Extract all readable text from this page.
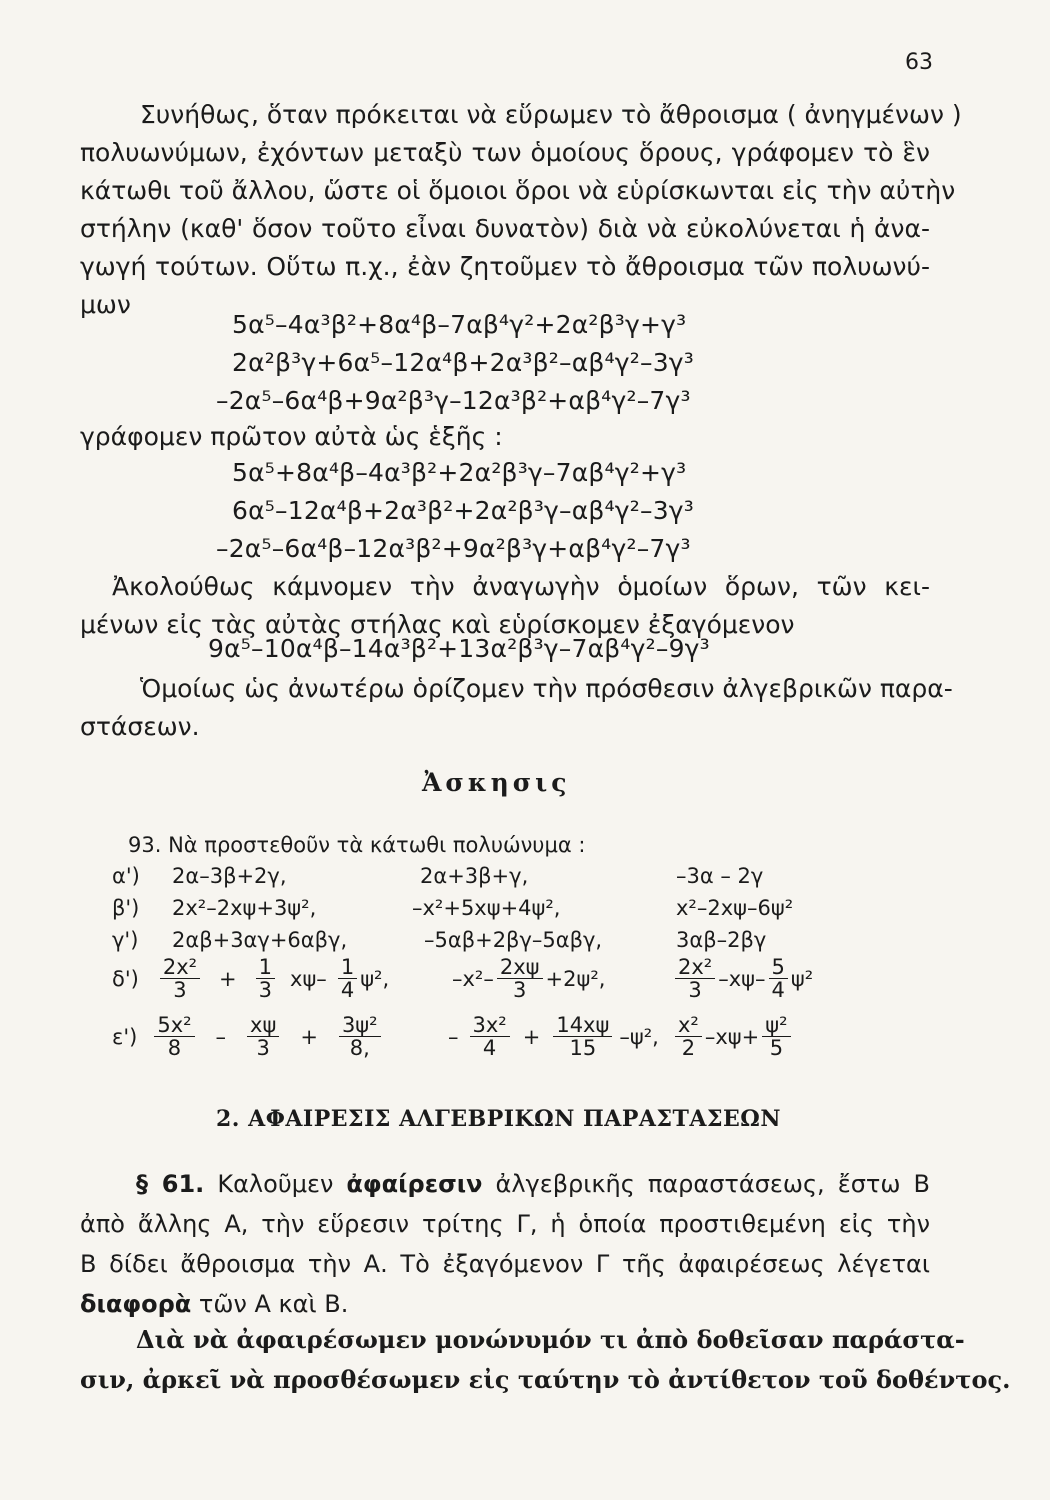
63
Συνήθως, ὅταν πρόκειται νὰ εὕρωμεν τὸ ἄθροισμα ( ἀνηγμένων )
πολυωνύμων, ἐχόντων μεταξὺ των ὁμοίους ὅρους, γράφομεν τὸ ἓν
κάτωθι τοῦ ἄλλου, ὥστε οἱ ὅμοιοι ὅροι νὰ εὑρίσκωνται εἰς τὴν αὐτὴν
στήλην (καθ' ὅσον τοῦτο εἶναι δυνατὸν) διὰ νὰ εὐκολύνεται ἡ ἀνα-
γωγή τούτων. Οὕτω π.χ., ἐὰν ζητοῦμεν τὸ ἄθροισμα τῶν πολυωνύ-
μων
5α⁵–4α³β²+8α⁴β–7αβ⁴γ²+2α²β³γ+γ³
2α²β³γ+6α⁵–12α⁴β+2α³β²–αβ⁴γ²–3γ³
–2α⁵–6α⁴β+9α²β³γ–12α³β²+αβ⁴γ²–7γ³
γράφομεν πρῶτον αὐτὰ ὡς ἑξῆς :
5α⁵+8α⁴β–4α³β²+2α²β³γ–7αβ⁴γ²+γ³
6α⁵–12α⁴β+2α³β²+2α²β³γ–αβ⁴γ²–3γ³
–2α⁵–6α⁴β–12α³β²+9α²β³γ+αβ⁴γ²–7γ³
Ἀκολούθως κάμνομεν τὴν ἀναγωγὴν ὁμοίων ὅρων, τῶν κει-
μένων εἰς τὰς αὐτὰς στήλας καὶ εὑρίσκομεν ἐξαγόμενον
9α⁵–10α⁴β–14α³β²+13α²β³γ–7αβ⁴γ²–9γ³
Ὁμοίως ὡς ἀνωτέρω ὁρίζομεν τὴν πρόσθεσιν ἀλγεβρικῶν παρα-
στάσεων.
Ἀσκησις
93. Νὰ προστεθοῦν τὰ κάτωθι πολυώνυμα :
α') 2α–3β+2γ,	2α+3β+γ,	–3α – 2γ
β') 2x²–2xψ+3ψ²,	–x²+5xψ+4ψ²,	x²–2xψ–6ψ²
γ') 2αβ+3αγ+6αβγ,	–5αβ+2βγ–5αβγ,	3αβ–2βγ
$\delta') \frac{\text{2x²}}{3} + \frac{1}{3} x\psi- \frac{1}{4} \psi^2$,	$-x^2- \frac{2x\psi}{3} +2\psi^2$,	$\frac{\text{2x²}}{3} -x\psi- \frac{5}{4} \psi^2$
$\varepsilon') \frac{\text{5x²}}{8} - \frac{x\psi}{3} + \frac{\text{3ψ²}}{8,}$	– $\frac{\text{3x²}}{4} + \frac{14x\psi}{15} -\psi^2$, $\frac{\text{x²}}{2} -x\psi+ \frac{\text{ψ²}}{5}$
2. ΑΦΑΙΡΕΣΙΣ ΑΛΓΕΒΡΙΚΩΝ ΠΑΡΑΣΤΑΣΕΩΝ
§ 61. Καλοῦμεν ἀφαίρεσιν ἀλγεβρικῆς παραστάσεως, ἔστω Β
ἀπὸ ἄλλης Α, τὴν εὕρεσιν τρίτης Γ, ἡ ὁποία προστιθεμένη εἰς τὴν
Β δίδει ἄθροισμα τὴν Α. Τὸ ἐξαγόμενον Γ τῆς ἀφαιρέσεως λέγεται
διαφορὰ τῶν Α καὶ Β.
Διὰ νὰ ἀφαιρέσωμεν μονώνυμόν τι ἀπὸ δοθεῖσαν παράστα-
σιν, ἀρκεῖ νὰ προσθέσωμεν εἰς ταύτην τὸ ἀντίθετον τοῦ δοθέντος.
